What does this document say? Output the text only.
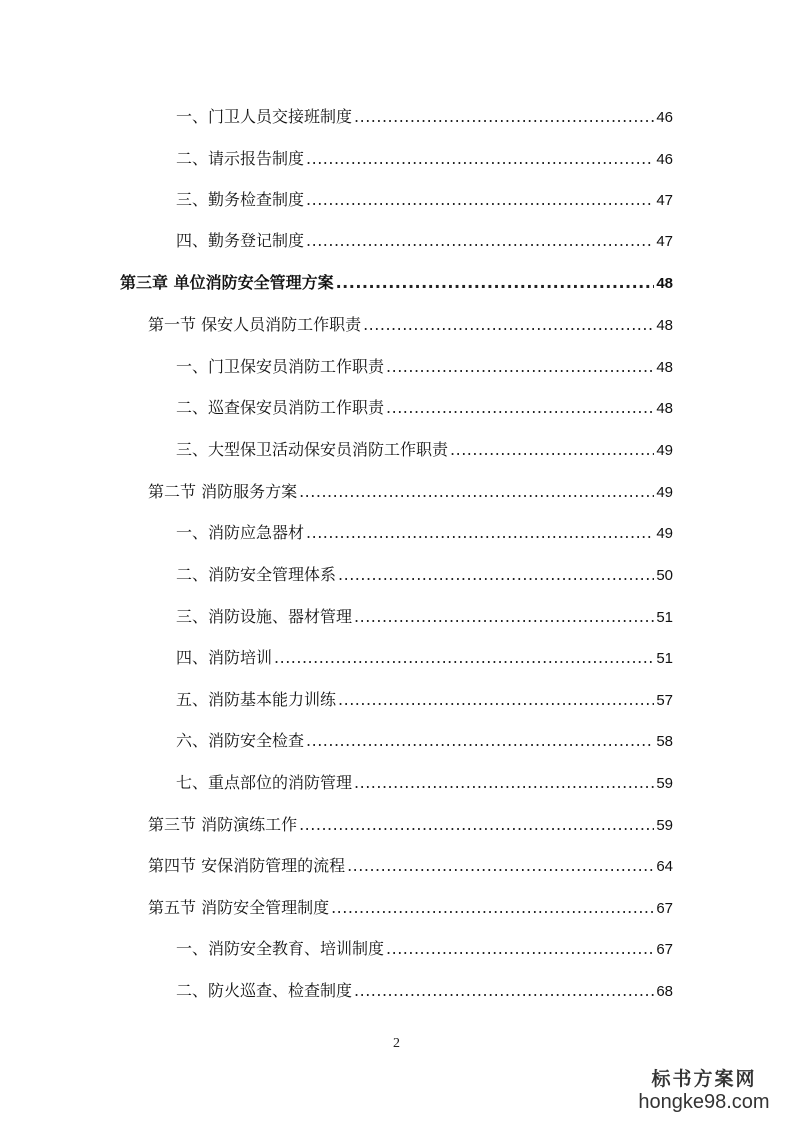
一、门卫人员交接班制度 .....	46
二、请示报告制度 .....	46
三、勤务检查制度 .....	47
四、勤务登记制度 .....	47
第三章 单位消防安全管理方案 .....	48
第一节 保安人员消防工作职责 .....	48
一、门卫保安员消防工作职责 .....	48
二、巡查保安员消防工作职责 .....	48
三、大型保卫活动保安员消防工作职责 .....	49
第二节 消防服务方案 .....	49
一、消防应急器材 .....	49
二、消防安全管理体系 .....	50
三、消防设施、器材管理 .....	51
四、消防培训 .....	51
五、消防基本能力训练 .....	57
六、消防安全检查 .....	58
七、重点部位的消防管理 .....	59
第三节 消防演练工作 .....	59
第四节 安保消防管理的流程 .....	64
第五节 消防安全管理制度 .....	67
一、消防安全教育、培训制度 .....	67
二、防火巡查、检查制度 .....	68
2
标书方案网
hongke98.com
